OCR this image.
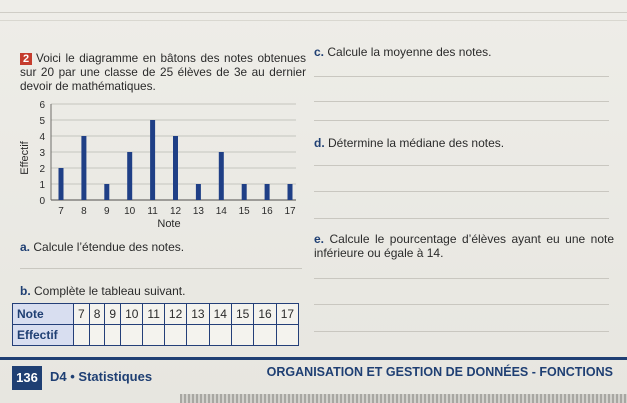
2 Voici le diagramme en bâtons des notes obtenues sur 20 par une classe de 25 élèves de 3e au dernier devoir de mathématiques.
0
1
2
3
4
5
6
7 8 9 10 11 12 13 14 15 16 17
Effectif
Note
c. Calcule la moyenne des notes.
d. Détermine la médiane des notes.
a. Calcule l’étendue des notes.
e. Calcule le pourcentage d’élèves ayant eu une note inférieure ou égale à 14.
b. Complète le tableau suivant.
Note	7	8	9	10	11	12	13	14	15	16	17
Effectif											
136 D4 • Statistiques	ORGANISATION ET GESTION DE DONNÉES - FONCTIONS
